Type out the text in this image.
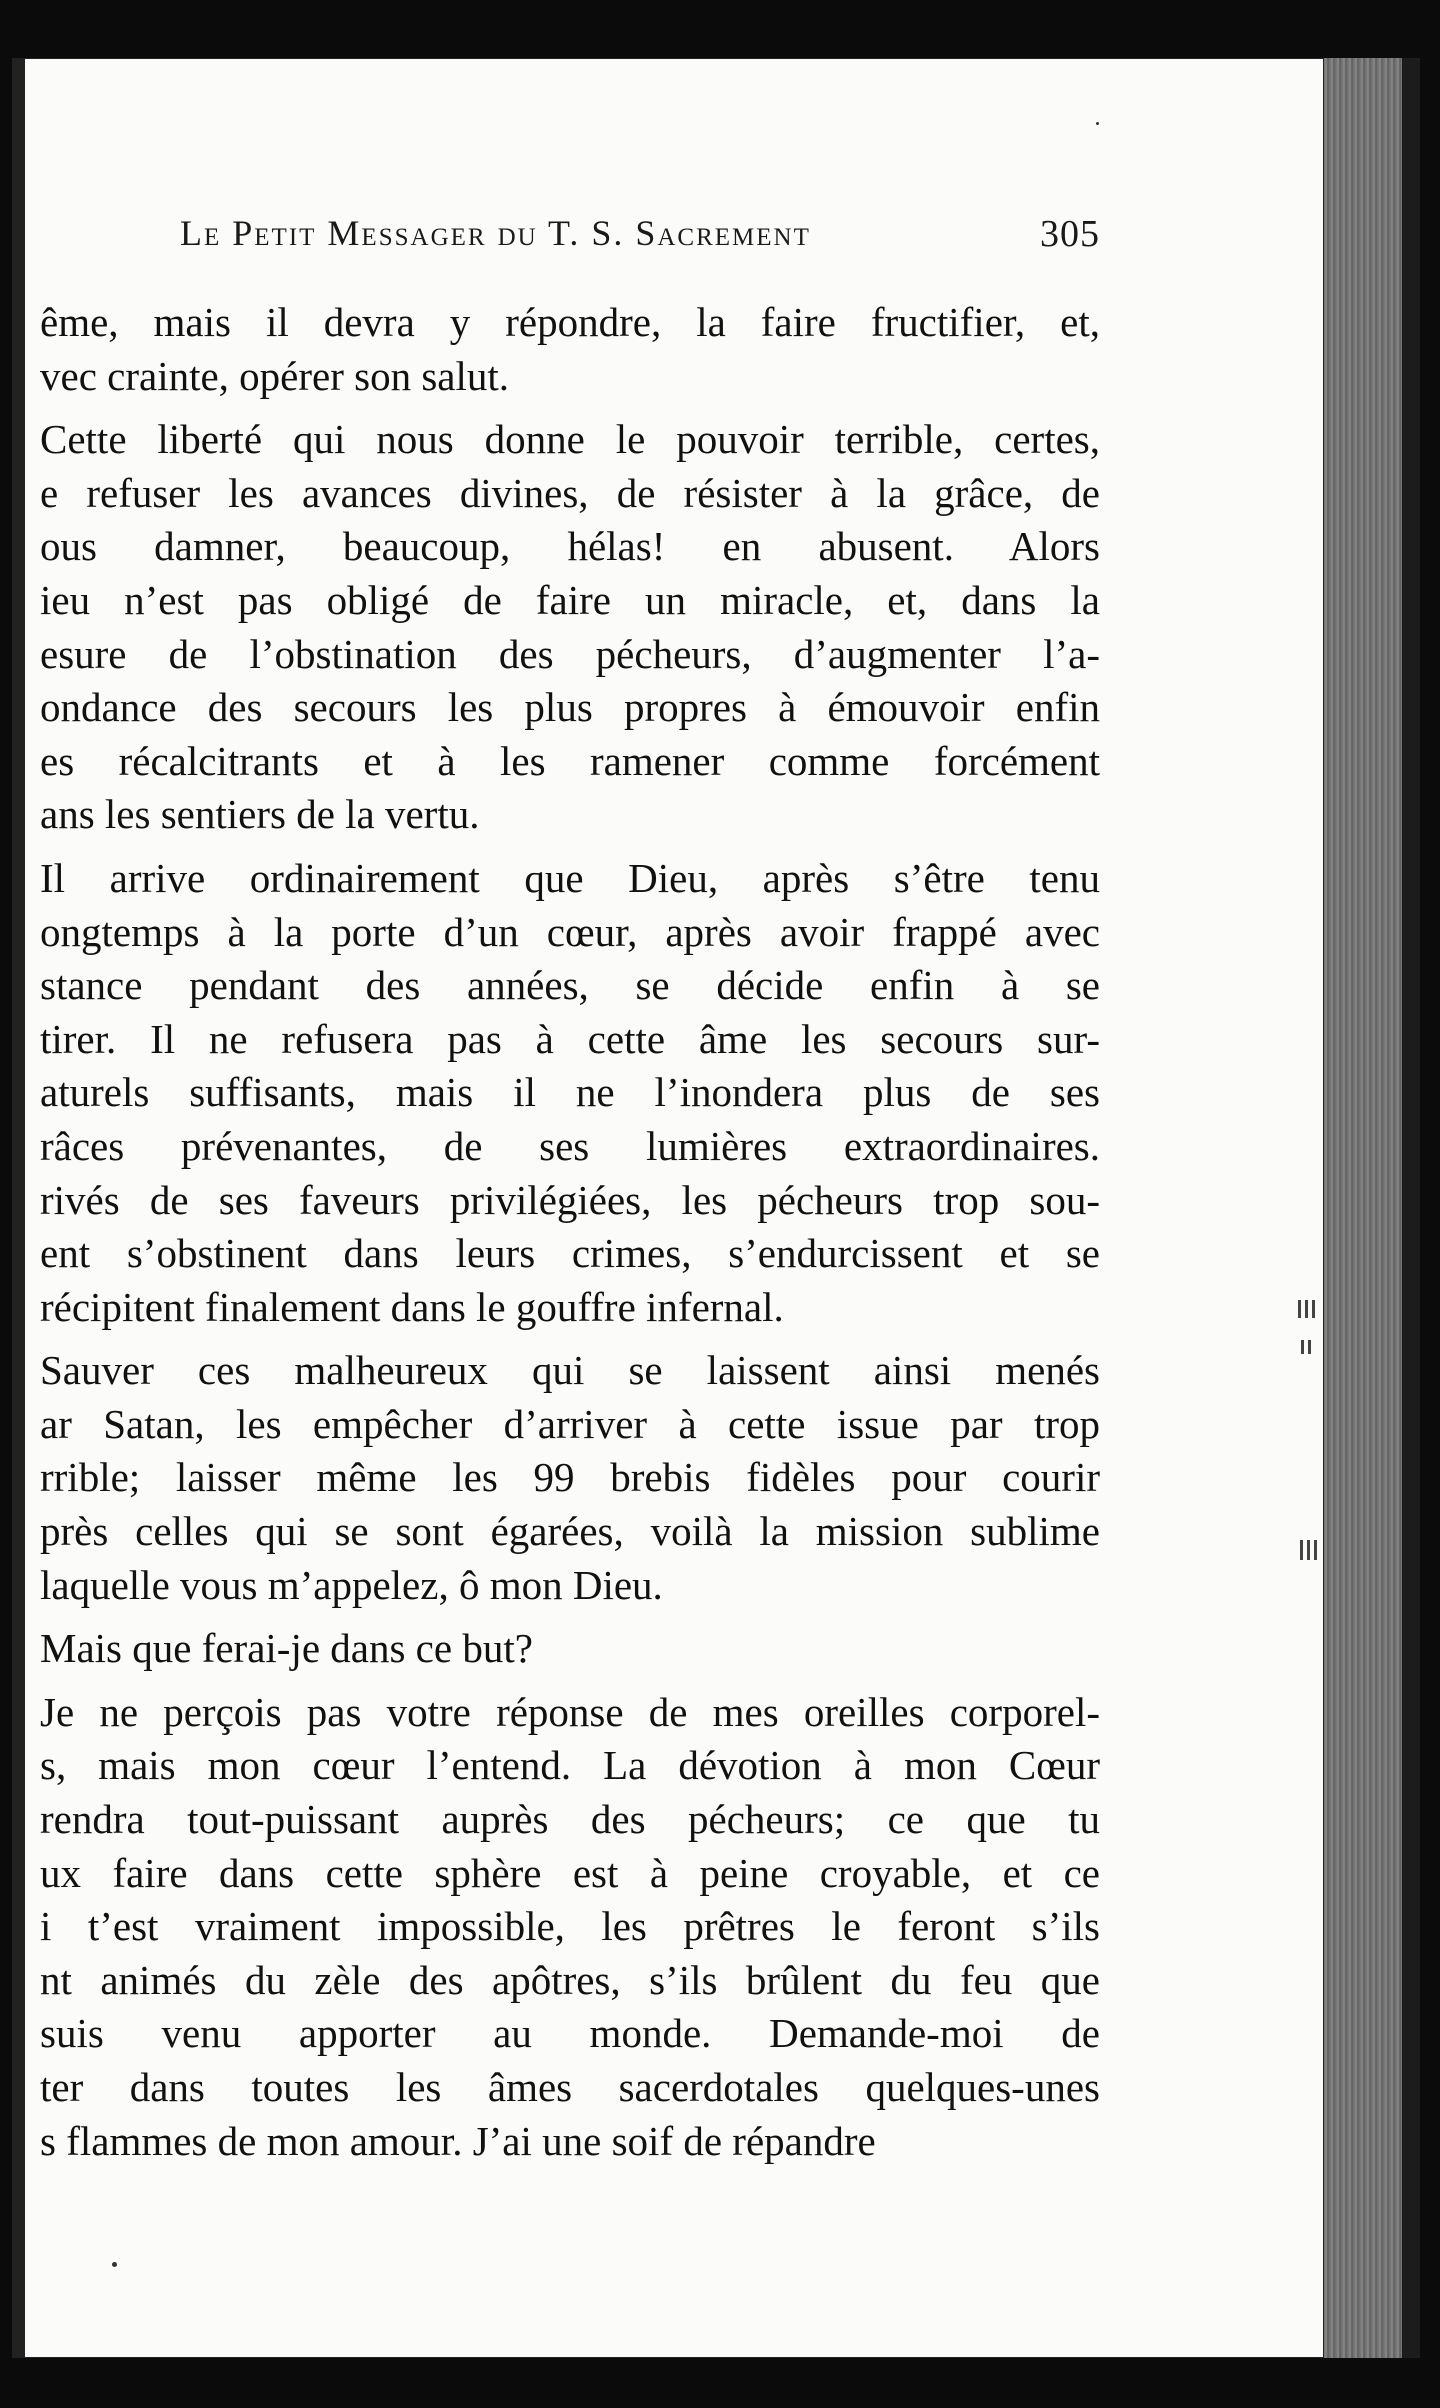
Le Petit Messager du T. S. Sacrement	305
ême, mais il devra y répondre, la faire fructifier, et,
vec crainte, opérer son salut.
Cette liberté qui nous donne le pouvoir terrible, certes,
e refuser les avances divines, de résister à la grâce, de
ous damner, beaucoup, hélas! en abusent. Alors
ieu n’est pas obligé de faire un miracle, et, dans la
esure de l’obstination des pécheurs, d’augmenter l’a-
ondance des secours les plus propres à émouvoir enfin
es récalcitrants et à les ramener comme forcément
ans les sentiers de la vertu.
Il arrive ordinairement que Dieu, après s’être tenu
ongtemps à la porte d’un cœur, après avoir frappé avec
stance pendant des années, se décide enfin à se
tirer. Il ne refusera pas à cette âme les secours sur-
aturels suffisants, mais il ne l’inondera plus de ses
râces prévenantes, de ses lumières extraordinaires.
rivés de ses faveurs privilégiées, les pécheurs trop sou-
ent s’obstinent dans leurs crimes, s’endurcissent et se
récipitent finalement dans le gouffre infernal.
Sauver ces malheureux qui se laissent ainsi menés
ar Satan, les empêcher d’arriver à cette issue par trop
rrible; laisser même les 99 brebis fidèles pour courir
près celles qui se sont égarées, voilà la mission sublime
laquelle vous m’appelez, ô mon Dieu.
Mais que ferai-je dans ce but?
Je ne perçois pas votre réponse de mes oreilles corporel-
s, mais mon cœur l’entend. La dévotion à mon Cœur
rendra tout-puissant auprès des pécheurs; ce que tu
ux faire dans cette sphère est à peine croyable, et ce
i t’est vraiment impossible, les prêtres le feront s’ils
nt animés du zèle des apôtres, s’ils brûlent du feu que
suis venu apporter au monde. Demande-moi de
ter dans toutes les âmes sacerdotales quelques-unes
s flammes de mon amour. J’ai une soif de répandre
